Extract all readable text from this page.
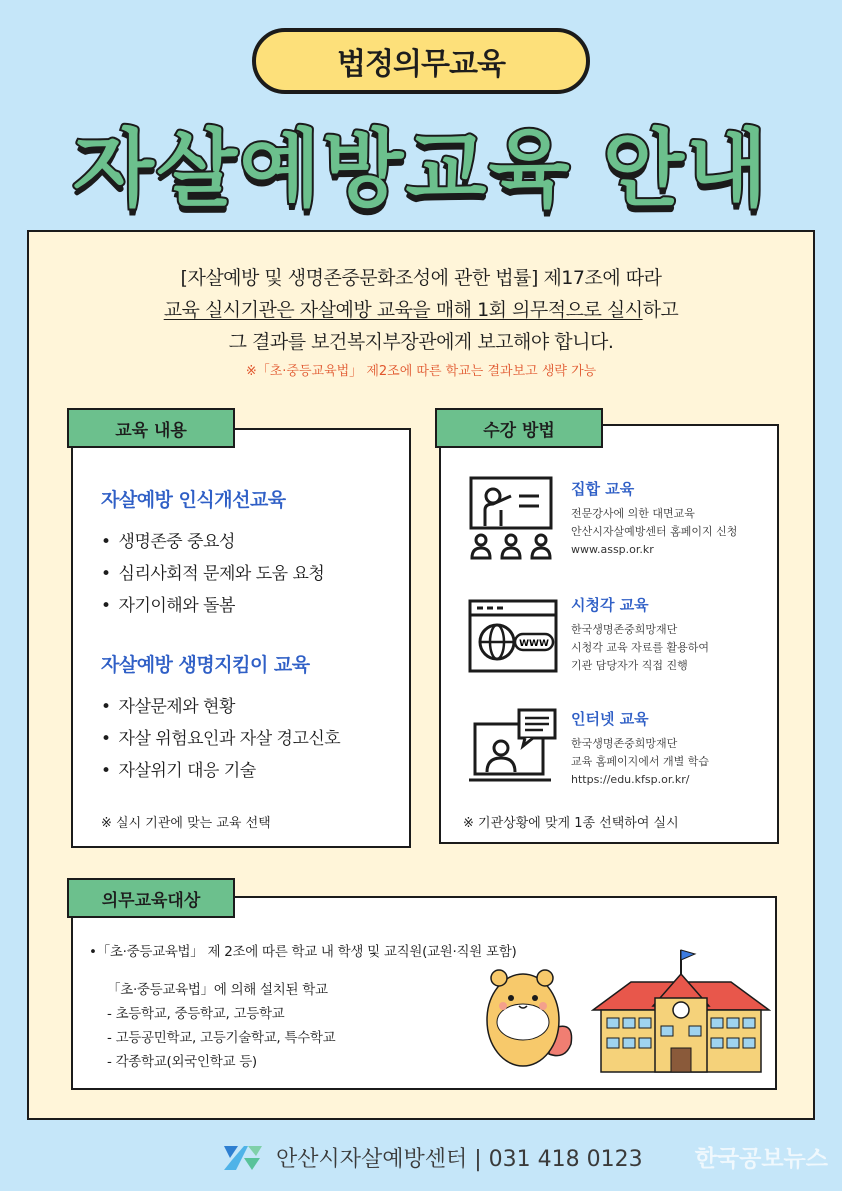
법정의무교육
자살예방교육 안내
[자살예방 및 생명존중문화조성에 관한 법률] 제17조에 따라
교육 실시기관은 자살예방 교육을 매해 1회 의무적으로 실시하고
그 결과를 보건복지부장관에게 보고해야 합니다.
※「초·중등교육법」 제2조에 따른 학교는 결과보고 생략 가능
자살예방 인식개선교육
• 생명존중 중요성
• 심리사회적 문제와 도움 요청
• 자기이해와 돌봄
자살예방 생명지킴이 교육
• 자살문제와 현황
• 자살 위험요인과 자살 경고신호
• 자살위기 대응 기술
※ 실시 기관에 맞는 교육 선택
교육 내용
집합 교육
전문강사에 의한 대면교육
안산시자살예방센터 홈페이지 신청
www.assp.or.kr
WWW
시청각 교육
한국생명존중희망재단
시청각 교육 자료를 활용하여
기관 담당자가 직접 진행
인터넷 교육
한국생명존중희망재단
교육 홈페이지에서 개별 학습
https://edu.kfsp.or.kr/
※ 기관상황에 맞게 1종 선택하여 실시
수강 방법
•「초·중등교육법」 제 2조에 따른 학교 내 학생 및 교직원(교원·직원 포함)
「초·중등교육법」에 의해 설치된 학교
- 초등학교, 중등학교, 고등학교
- 고등공민학교, 고등기술학교, 특수학교
- 각종학교(외국인학교 등)
의무교육대상
안산시자살예방센터 | 031 418 0123 한국공보뉴스
